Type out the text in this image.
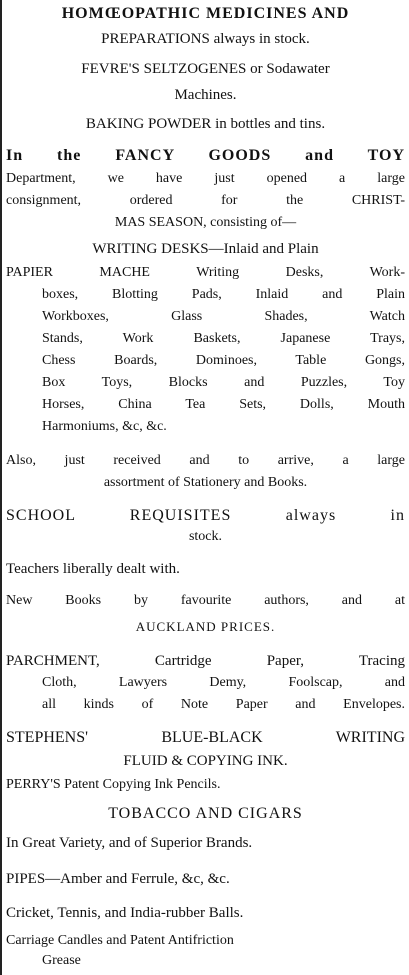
HOMŒOPATHIC MEDICINES AND
PREPARATIONS always in stock.
FEVRE'S SELTZOGENES or Sodawater
Machines.
BAKING POWDER in bottles and tins.
In the FANCY GOODS and TOY
Department, we have just opened a large
consignment, ordered for the CHRIST-
MAS SEASON, consisting of—
WRITING DESKS—Inlaid and Plain
PAPIER MACHE Writing Desks, Work-
boxes, Blotting Pads, Inlaid and Plain
Workboxes, Glass Shades, Watch
Stands, Work Baskets, Japanese Trays,
Chess Boards, Dominoes, Table Gongs,
Box Toys, Blocks and Puzzles, Toy
Horses, China Tea Sets, Dolls, Mouth
Harmoniums, &c, &c.
Also, just received and to arrive, a large
assortment of Stationery and Books.
SCHOOL REQUISITES always in
stock.
Teachers liberally dealt with.
New Books by favourite authors, and at
AUCKLAND PRICES.
PARCHMENT, Cartridge Paper, Tracing
Cloth, Lawyers Demy, Foolscap, and
all kinds of Note Paper and Envelopes.
STEPHENS' BLUE-BLACK WRITING
FLUID & COPYING INK.
PERRY'S Patent Copying Ink Pencils.
TOBACCO AND CIGARS
In Great Variety, and of Superior Brands.
PIPES—Amber and Ferrule, &c, &c.
Cricket, Tennis, and India-rubber Balls.
Carriage Candles and Patent Antifriction
Grease
